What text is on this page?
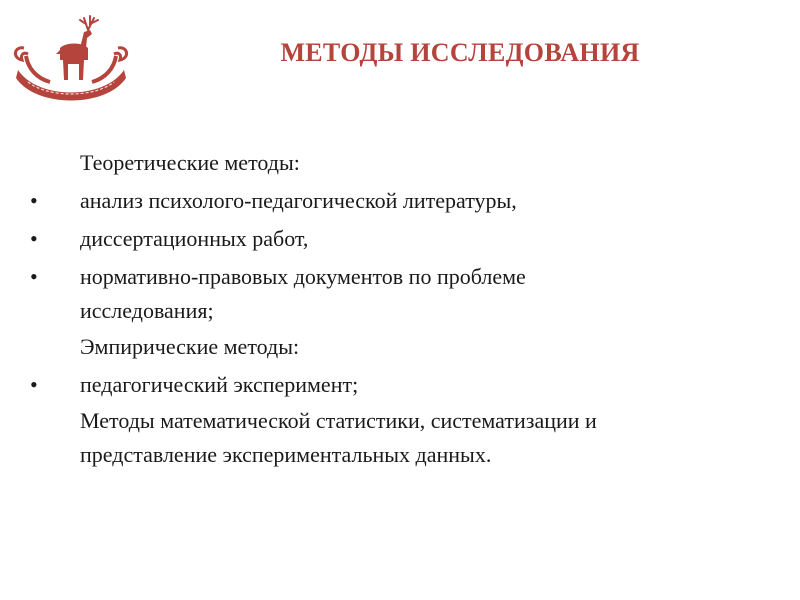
МЕТОДЫ ИССЛЕДОВАНИЯ
Теоретические методы:
•	анализ психолого-педагогической литературы,
•	диссертационных работ,
•	нормативно-правовых документов по проблеме исследования;
Эмпирические методы:
•	педагогический эксперимент;
Методы математической статистики, систематизации и представление экспериментальных данных.
